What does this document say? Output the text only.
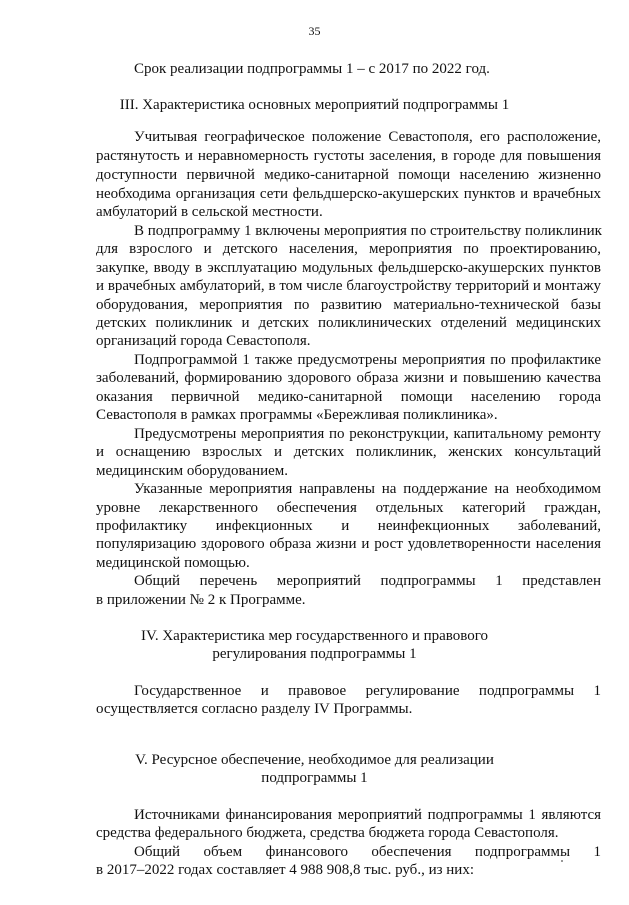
35
Срок реализации подпрограммы 1 – с 2017 по 2022 год.
III. Характеристика основных мероприятий подпрограммы 1
Учитывая географическое положение Севастополя, его расположение,
растянутость и неравномерность густоты заселения, в городе для повышения
доступности первичной медико-санитарной помощи населению жизненно
необходима организация сети фельдшерско-акушерских пунктов и врачебных
амбулаторий в сельской местности.
В подпрограмму 1 включены мероприятия по строительству поликлиник
для взрослого и детского населения, мероприятия по проектированию,
закупке, вводу в эксплуатацию модульных фельдшерско-акушерских пунктов
и врачебных амбулаторий, в том числе благоустройству территорий и монтажу
оборудования, мероприятия по развитию материально-технической базы
детских поликлиник и детских поликлинических отделений медицинских
организаций города Севастополя.
Подпрограммой 1 также предусмотрены мероприятия по профилактике
заболеваний, формированию здорового образа жизни и повышению качества
оказания первичной медико-санитарной помощи населению города
Севастополя в рамках программы «Бережливая поликлиника».
Предусмотрены мероприятия по реконструкции, капитальному ремонту
и оснащению взрослых и детских поликлиник, женских консультаций
медицинским оборудованием.
Указанные мероприятия направлены на поддержание на необходимом
уровне лекарственного обеспечения отдельных категорий граждан,
профилактику инфекционных и неинфекционных заболеваний,
популяризацию здорового образа жизни и рост удовлетворенности населения
медицинской помощью.
Общий перечень мероприятий подпрограммы 1 представлен
в приложении № 2 к Программе.
IV. Характеристика мер государственного и правового
регулирования подпрограммы 1
Государственное и правовое регулирование подпрограммы 1
осуществляется согласно разделу IV Программы.
V. Ресурсное обеспечение, необходимое для реализации
подпрограммы 1
Источниками финансирования мероприятий подпрограммы 1 являются
средства федерального бюджета, средства бюджета города Севастополя.
Общий объем финансового обеспечения подпрограммы 1
в 2017–2022 годах составляет 4 988 908,8 тыс. руб., из них:
